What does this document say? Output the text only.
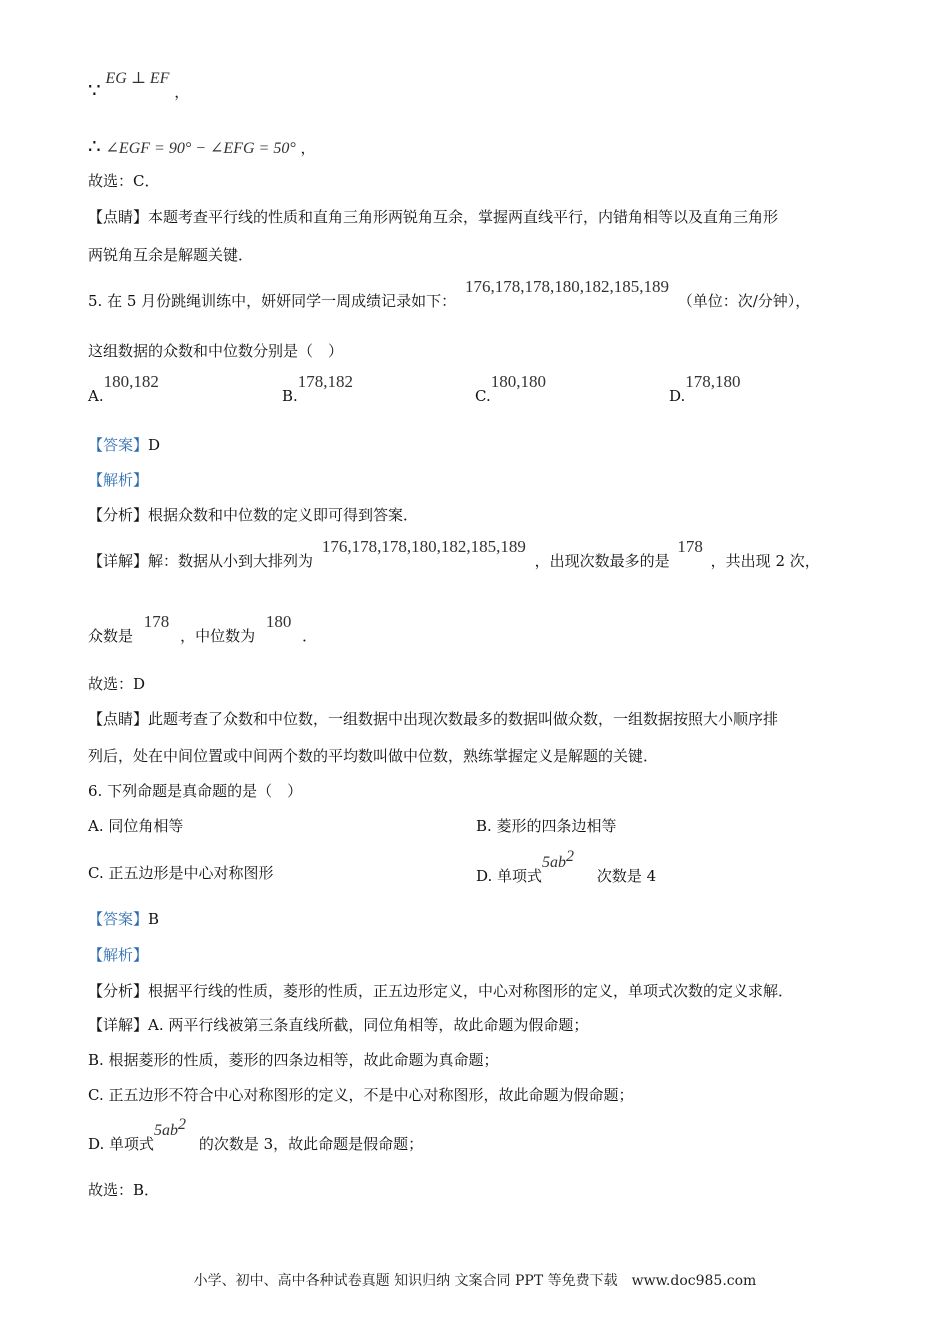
∵ EG ⊥ EF ，
∴ ∠EGF = 90° − ∠EFG = 50° ，
故选：C．
【点睛】本题考查平行线的性质和直角三角形两锐角互余，掌握两直线平行，内错角相等以及直角三角形
两锐角互余是解题关键．
5. 在 5 月份跳绳训练中，妍妍同学一周成绩记录如下： 176,178,178,180,182,185,189 （单位：次/分钟），
这组数据的众数和中位数分别是（　）
A.180,182
B.178,182
C.180,180
D.178,180
【答案】D
【解析】
【分析】根据众数和中位数的定义即可得到答案．
【详解】解：数据从小到大排列为 176,178,178,180,182,185,189 ，出现次数最多的是 178 ，共出现 2 次，
众数是 178 ，中位数为 180 ．
故选：D
【点睛】此题考查了众数和中位数，一组数据中出现次数最多的数据叫做众数，一组数据按照大小顺序排
列后，处在中间位置或中间两个数的平均数叫做中位数，熟练掌握定义是解题的关键．
6. 下列命题是真命题的是（　）
A. 同位角相等	B. 菱形的四条边相等
C. 正五边形是中心对称图形	D. 单项式$5ab^2$ 次数是 4
【答案】B
【解析】
【分析】根据平行线的性质，菱形的性质，正五边形定义，中心对称图形的定义，单项式次数的定义求解．
【详解】A. 两平行线被第三条直线所截，同位角相等，故此命题为假命题；
B. 根据菱形的性质，菱形的四条边相等，故此命题为真命题；
C. 正五边形不符合中心对称图形的定义，不是中心对称图形，故此命题为假命题；
D. 单项式$5ab^2$ 的次数是 3，故此命题是假命题；
故选：B．
小学、初中、高中各种试卷真题 知识归纳 文案合同 PPT 等免费下载　www.doc985.com
